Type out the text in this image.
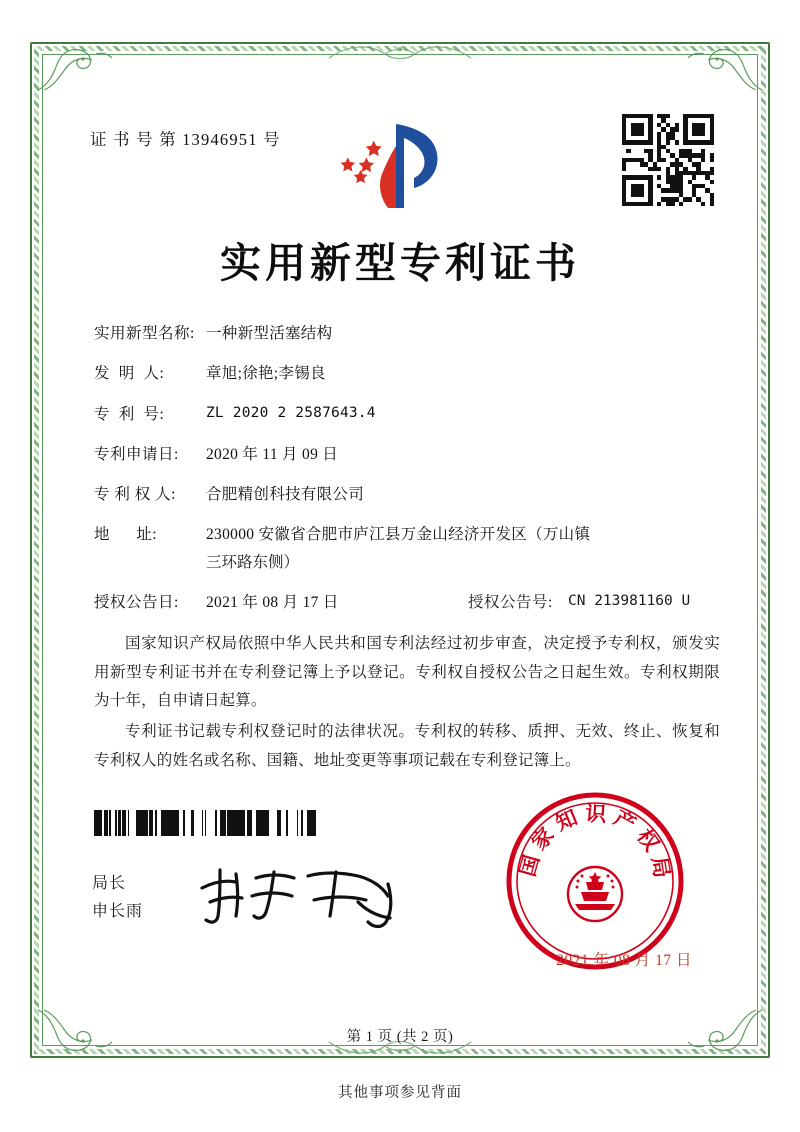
证 书 号 第 13946951 号
实用新型专利证书
实用新型名称: 一种新型活塞结构
发  明  人:	章旭;徐艳;李锡良
专  利  号:	ZL 2020 2 2587643.4
专利申请日:	2020 年 11 月 09 日
专 利 权 人:	合肥精创科技有限公司
地      址:	230000 安徽省合肥市庐江县万金山经济开发区（万山镇
三环路东侧）
授权公告日:	2021 年 08 月 17 日	授权公告号:	CN 213981160 U

国家知识产权局依照中华人民共和国专利法经过初步审查，决定授予专利权，颁发实用新型专利证书并在专利登记簿上予以登记。专利权自授权公告之日起生效。专利权期限为十年，自申请日起算。

专利证书记载专利权登记时的法律状况。专利权的转移、质押、无效、终止、恢复和专利权人的姓名或名称、国籍、地址变更等事项记载在专利登记簿上。

局长
申长雨
国家知识产权局
2021 年 08 月 17 日
第 1 页 (共 2 页)
其他事项参见背面
